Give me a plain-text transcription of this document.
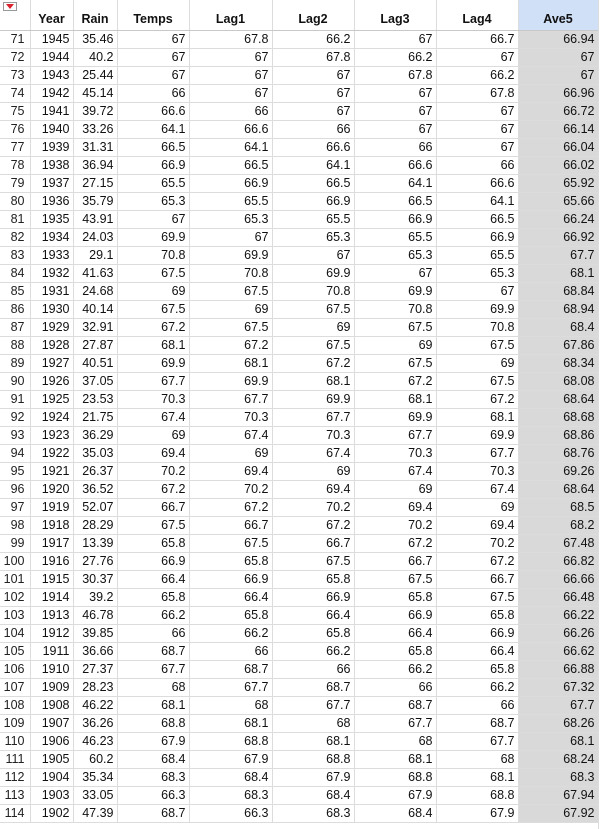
	Year	Rain	Temps	Lag1	Lag2	Lag3	Lag4	Ave5
71	1945	35.46	67	67.8	66.2	67	66.7	66.94
72	1944	40.2	67	67	67.8	66.2	67	67
73	1943	25.44	67	67	67	67.8	66.2	67
74	1942	45.14	66	67	67	67	67.8	66.96
75	1941	39.72	66.6	66	67	67	67	66.72
76	1940	33.26	64.1	66.6	66	67	67	66.14
77	1939	31.31	66.5	64.1	66.6	66	67	66.04
78	1938	36.94	66.9	66.5	64.1	66.6	66	66.02
79	1937	27.15	65.5	66.9	66.5	64.1	66.6	65.92
80	1936	35.79	65.3	65.5	66.9	66.5	64.1	65.66
81	1935	43.91	67	65.3	65.5	66.9	66.5	66.24
82	1934	24.03	69.9	67	65.3	65.5	66.9	66.92
83	1933	29.1	70.8	69.9	67	65.3	65.5	67.7
84	1932	41.63	67.5	70.8	69.9	67	65.3	68.1
85	1931	24.68	69	67.5	70.8	69.9	67	68.84
86	1930	40.14	67.5	69	67.5	70.8	69.9	68.94
87	1929	32.91	67.2	67.5	69	67.5	70.8	68.4
88	1928	27.87	68.1	67.2	67.5	69	67.5	67.86
89	1927	40.51	69.9	68.1	67.2	67.5	69	68.34
90	1926	37.05	67.7	69.9	68.1	67.2	67.5	68.08
91	1925	23.53	70.3	67.7	69.9	68.1	67.2	68.64
92	1924	21.75	67.4	70.3	67.7	69.9	68.1	68.68
93	1923	36.29	69	67.4	70.3	67.7	69.9	68.86
94	1922	35.03	69.4	69	67.4	70.3	67.7	68.76
95	1921	26.37	70.2	69.4	69	67.4	70.3	69.26
96	1920	36.52	67.2	70.2	69.4	69	67.4	68.64
97	1919	52.07	66.7	67.2	70.2	69.4	69	68.5
98	1918	28.29	67.5	66.7	67.2	70.2	69.4	68.2
99	1917	13.39	65.8	67.5	66.7	67.2	70.2	67.48
100	1916	27.76	66.9	65.8	67.5	66.7	67.2	66.82
101	1915	30.37	66.4	66.9	65.8	67.5	66.7	66.66
102	1914	39.2	65.8	66.4	66.9	65.8	67.5	66.48
103	1913	46.78	66.2	65.8	66.4	66.9	65.8	66.22
104	1912	39.85	66	66.2	65.8	66.4	66.9	66.26
105	1911	36.66	68.7	66	66.2	65.8	66.4	66.62
106	1910	27.37	67.7	68.7	66	66.2	65.8	66.88
107	1909	28.23	68	67.7	68.7	66	66.2	67.32
108	1908	46.22	68.1	68	67.7	68.7	66	67.7
109	1907	36.26	68.8	68.1	68	67.7	68.7	68.26
110	1906	46.23	67.9	68.8	68.1	68	67.7	68.1
111	1905	60.2	68.4	67.9	68.8	68.1	68	68.24
112	1904	35.34	68.3	68.4	67.9	68.8	68.1	68.3
113	1903	33.05	66.3	68.3	68.4	67.9	68.8	67.94
114	1902	47.39	68.7	66.3	68.3	68.4	67.9	67.92
